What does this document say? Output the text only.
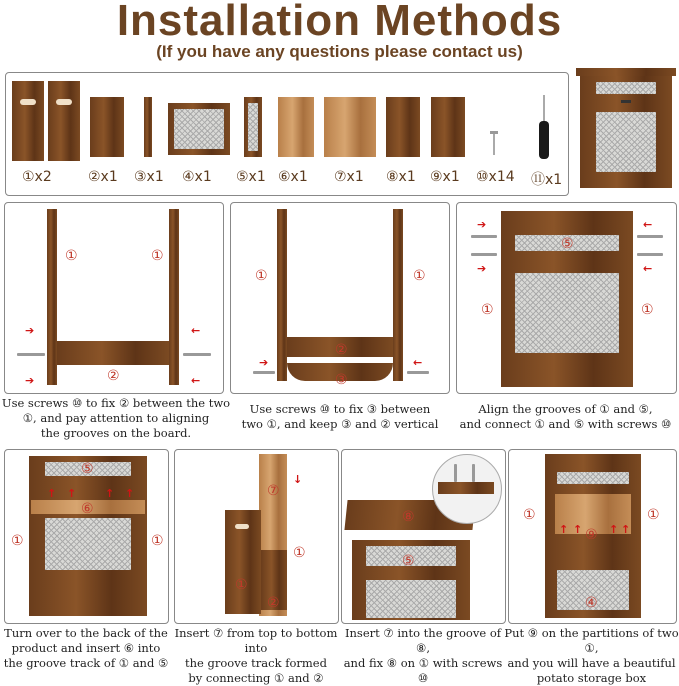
Installation Methods
(If you have any questions please contact us)
①x2	②x1 ③x1 ④x1 ⑤x1 ⑥x1 ⑦x1 ⑧x1 ⑨x1 ⑩x14 ⑪x1
①	①
②
➔	←
➔	←
Use screws ⑩ to fix ② between the two
①, and pay attention to aligning
the grooves on the board.
①	①
②
③
➔	←
Use screws ⑩ to fix ③ between
two ①, and keep ③ and ② vertical
⑤
①	①
➔	←
➔	←
Align the grooves of ① and ⑤,
and connect ① and ⑤ with screws ⑩
⑤
⑥
①	①
↑ ↑	↑ ↑
Turn over to the back of the
product and insert ⑥ into
the groove track of ① and ⑤
⑦
①
①
②
↓
Insert ⑦ from top to bottom into
the groove track formed
by connecting ① and ②
⑧
⑤
Insert ⑦ into the groove of ⑧,
and fix ⑧ on ① with screws ⑩
⑨
④
①	①
↑ ↑ ↑ ↑
Put ⑨ on the partitions of two ①,
and you will have a beautiful
potato storage box
